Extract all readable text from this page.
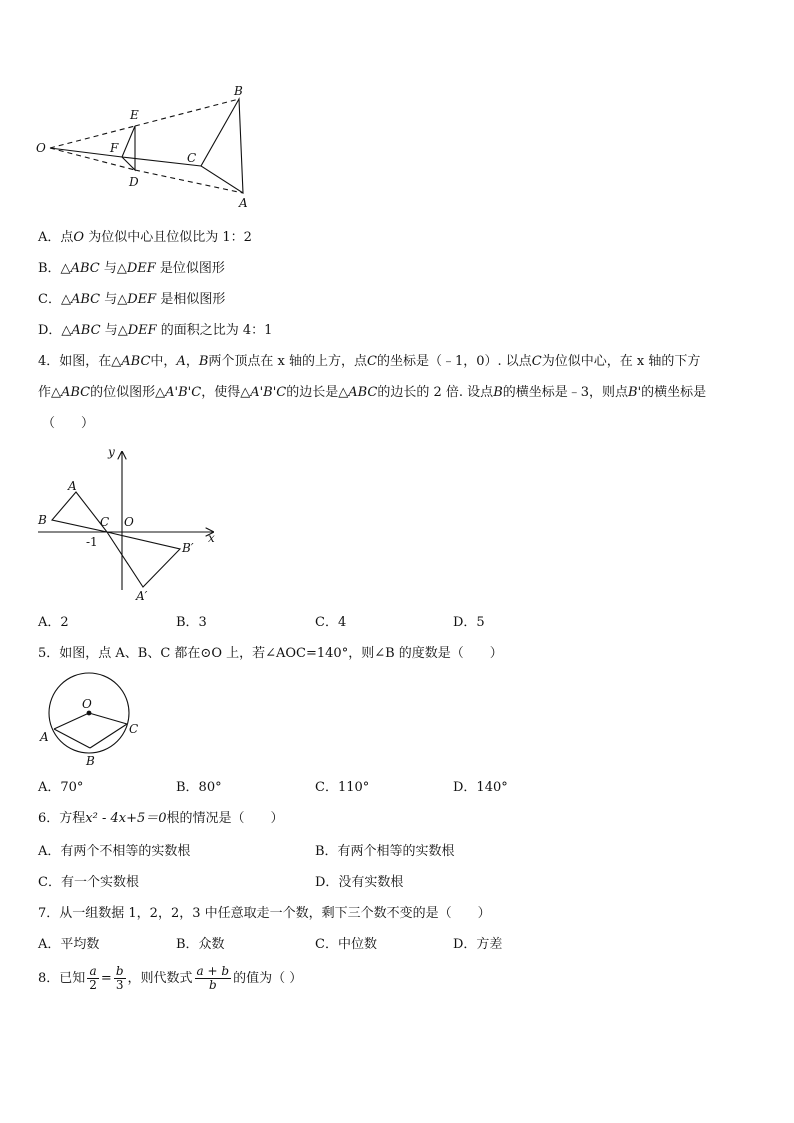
O
E
F
D
C
B
A
A．点O 为位似中心且位似比为 1：2
B．△ABC 与△DEF 是位似图形
C．△ABC 与△DEF 是相似图形
D．△ABC 与△DEF 的面积之比为 4：1
4．如图，在△ABC中，A，B两个顶点在 x 轴的上方，点C的坐标是（﹣1，0）. 以点C为位似中心，在 x 轴的下方
作△ABC的位似图形△A'B'C，使得△A'B'C的边长是△ABC的边长的 2 倍. 设点B的横坐标是﹣3，则点B'的横坐标是
（　　）
y
x
A
B	C O
-1	B′
A′
A．2	B．3	C．4	D．5
5．如图，点 A、B、C 都在⊙O 上，若∠AOC=140°，则∠B 的度数是（　　）
O
A
B
C
A．70°	B．80°	C．110°	D．140°
6．方程x² - 4x+5＝0根的情况是（　　）
A．有两个不相等的实数根	B．有两个相等的实数根
C．有一个实数根	D．没有实数根
7．从一组数据 1，2，2，3 中任意取走一个数，剩下三个数不变的是（　　）
A．平均数	B．众数	C．中位数	D．方差
8．已知 $\frac{a}{2} = \frac{b}{3}$ ，则代数式 $\frac{a + b}{b}$ 的值为（ ）
